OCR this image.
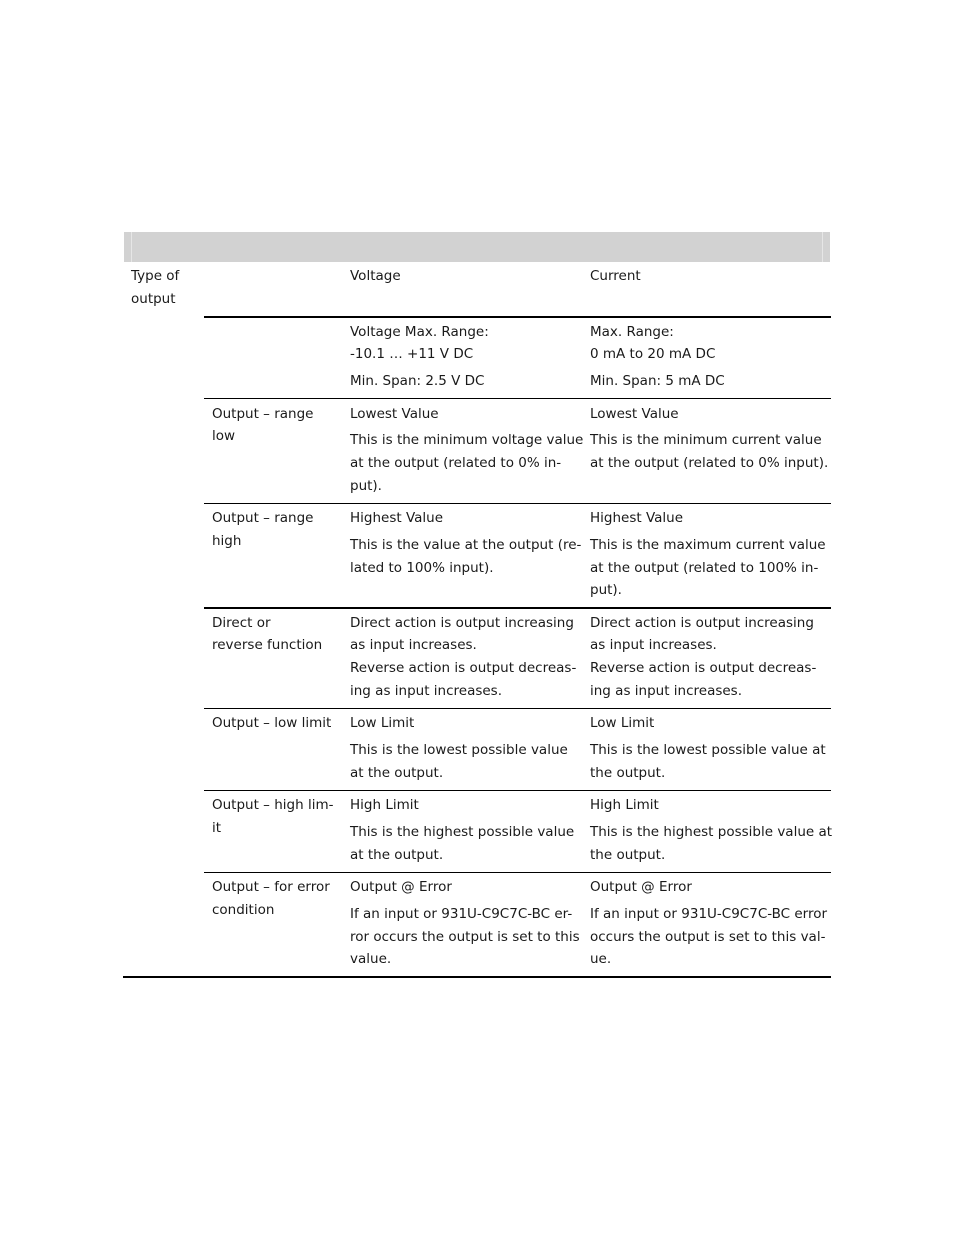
Type of
output
Voltage	Current
Voltage Max. Range:
-10.1 … +11 V DC
Min. Span: 2.5 V DC
Max. Range:
0 mA to 20 mA DC
Min. Span: 5 mA DC
Output – range
low
Lowest Value
This is the minimum voltage value
at the output (related to 0% in-
put).
Lowest Value
This is the minimum current value
at the output (related to 0% input).
Output – range
high
Highest Value
This is the value at the output (re-
lated to 100% input).
Highest Value
This is the maximum current value
at the output (related to 100% in-
put).
Direct or
reverse function
Direct action is output increasing
as input increases.
Reverse action is output decreas-
ing as input increases.
Direct action is output increasing
as input increases.
Reverse action is output decreas-
ing as input increases.
Output – low limit Low Limit
This is the lowest possible value
at the output.
Low Limit
This is the lowest possible value at
the output.
Output – high lim-
it
High Limit
This is the highest possible value
at the output.
High Limit
This is the highest possible value at
the output.
Output – for error
condition
Output @ Error
If an input or 931U-C9C7C-BC er-
ror occurs the output is set to this
value.
Output @ Error
If an input or 931U-C9C7C-BC error
occurs the output is set to this val-
ue.
